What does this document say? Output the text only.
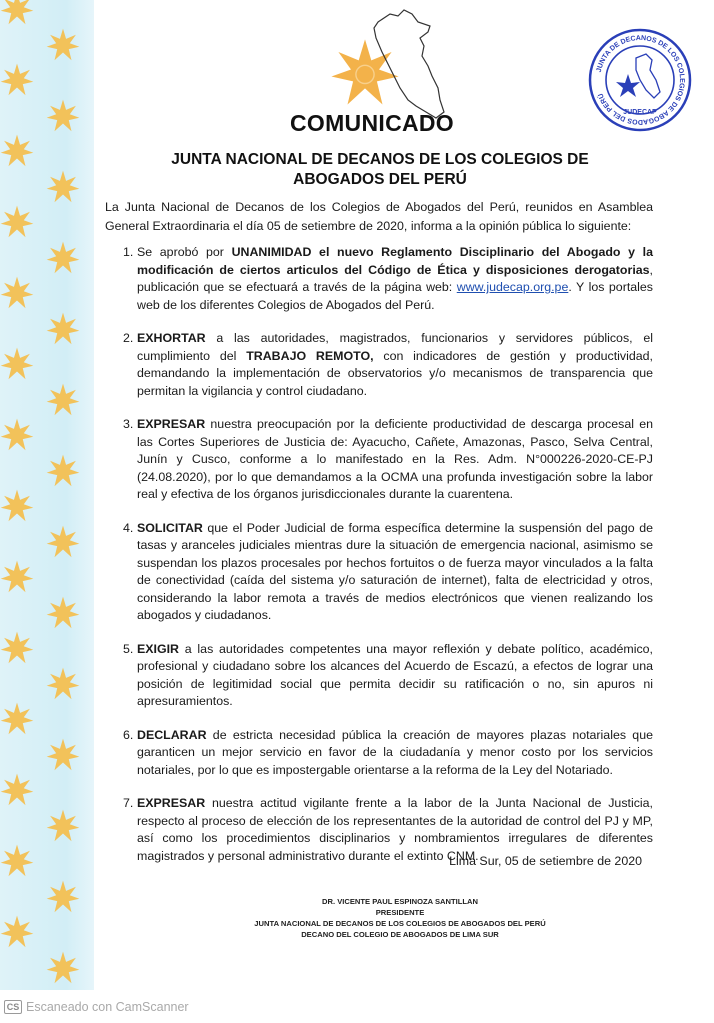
JUNTA DE DECANOS DE LOS COLEGIOS DE ABOGADOS DEL PERÚ
JUDECAP
COMUNICADO
JUNTA NACIONAL DE DECANOS DE LOS COLEGIOS DE
ABOGADOS DEL PERÚ
La Junta Nacional de Decanos de los Colegios de Abogados del Perú, reunidos en Asamblea General Extraordinaria el día 05 de setiembre de 2020, informa a la opinión pública lo siguiente:
1. Se aprobó por UNANIMIDAD el nuevo Reglamento Disciplinario del Abogado y la modificación de ciertos articulos del Código de Ética y disposiciones derogatorias, publicación que se efectuará a través de la página web: www.judecap.org.pe. Y los portales web de los diferentes Colegios de Abogados del Perú.
2. EXHORTAR a las autoridades, magistrados, funcionarios y servidores públicos, el cumplimiento del TRABAJO REMOTO, con indicadores de gestión y productividad, demandando la implementación de observatorios y/o mecanismos de transparencia que permitan la vigilancia y control ciudadano.
3. EXPRESAR nuestra preocupación por la deficiente productividad de descarga procesal en las Cortes Superiores de Justicia de: Ayacucho, Cañete, Amazonas, Pasco, Selva Central, Junín y Cusco, conforme a lo manifestado en la Res. Adm. N°000226-2020-CE-PJ (24.08.2020), por lo que demandamos a la OCMA una profunda investigación sobre la labor real y efectiva de los órganos jurisdiccionales durante la cuarentena.
4. SOLICITAR que el Poder Judicial de forma específica determine la suspensión del pago de tasas y aranceles judiciales mientras dure la situación de emergencia nacional, asimismo se suspendan los plazos procesales por hechos fortuitos o de fuerza mayor vinculados a la falta de conectividad (caída del sistema y/o saturación de internet), falta de electricidad y otros, considerando la labor remota a través de medios electrónicos que vienen realizando los abogados y ciudadanos.
5. EXIGIR a las autoridades competentes una mayor reflexión y debate político, académico, profesional y ciudadano sobre los alcances del Acuerdo de Escazú, a efectos de lograr una posición de legitimidad social que permita decidir su ratificación o no, sin apuros ni apresuramientos.
6. DECLARAR de estricta necesidad pública la creación de mayores plazas notariales que garanticen un mejor servicio en favor de la ciudadanía y menor costo por los servicios notariales, por lo que es impostergable orientarse a la reforma de la Ley del Notariado.
7. EXPRESAR nuestra actitud vigilante frente a la labor de la Junta Nacional de Justicia, respecto al proceso de elección de los representantes de la autoridad de control del PJ y MP, así como los procedimientos disciplinarios y nombramientos irregulares de diferentes magistrados y personal administrativo durante el extinto CNM.
Lima Sur, 05 de setiembre de 2020
DR. VICENTE PAUL ESPINOZA SANTILLAN
PRESIDENTE
JUNTA NACIONAL DE DECANOS DE LOS COLEGIOS DE ABOGADOS DEL PERÚ
DECANO DEL COLEGIO DE ABOGADOS DE LIMA SUR
CS Escaneado con CamScanner
